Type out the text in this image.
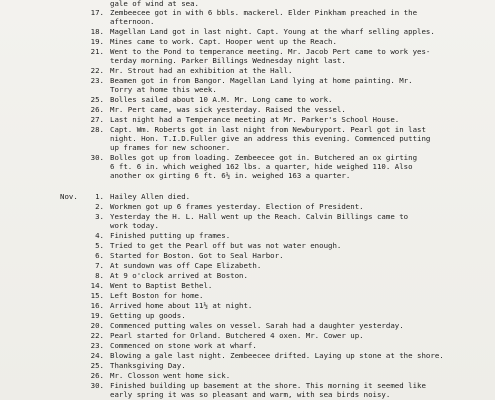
gale of wind at sea.
17. Zembeecee got in with 6 bbls. mackerel. Elder Pinkham preached in the
afternoon.
18. Magellan Land got in last night. Capt. Young at the wharf selling apples.
19. Mines came to work. Capt. Hooper went up the Reach.
21. Went to the Pond to temperance meeting. Mr. Jacob Pert came to work yes-
terday morning. Parker Billings Wednesday night last.
22. Mr. Strout had an exhibition at the Hall.
23. Beamen got in from Bangor. Magellan Land lying at home painting. Mr.
Torry at home this week.
25. Bolles sailed about 10 A.M. Mr. Long came to work.
26. Mr. Pert came, was sick yesterday. Raised the vessel.
27. Last night had a Temperance meeting at Mr. Parker's School House.
28. Capt. Wm. Roberts got in last night from Newburyport. Pearl got in last
night. Hon. T.I.D.Fuller give an address this evening. Commenced putting
up frames for new schooner.
30. Bolles got up from loading. Zembeecee got in. Butchered an ox girting
6 ft. 6 in. which weighed 162 lbs. a quarter, hide weighed 110. Also
another ox girting 6 ft. 6½ in. weighed 163 a quarter.
Nov.	1. Hailey Allen died.
2. Workmen got up 6 frames yesterday. Election of President.
3. Yesterday the H. L. Hall went up the Reach. Calvin Billings came to
work today.
4. Finished putting up frames.
5. Tried to get the Pearl off but was not water enough.
6. Started for Boston. Got to Seal Harbor.
7. At sundown was off Cape Elizabeth.
8. At 9 o'clock arrived at Boston.
14. Went to Baptist Bethel.
15. Left Boston for home.
16. Arrived home about 11½ at night.
19. Getting up goods.
20. Commenced putting wales on vessel. Sarah had a daughter yesterday.
22. Pearl started for Orland. Butchered 4 oxen. Mr. Cower up.
23. Commenced on stone work at wharf.
24. Blowing a gale last night. Zembeecee drifted. Laying up stone at the shore.
25. Thanksgiving Day.
26. Mr. Closson went home sick.
30. Finished building up basement at the shore. This morning it seemed like
early spring it was so pleasant and warm, with sea birds noisy.
